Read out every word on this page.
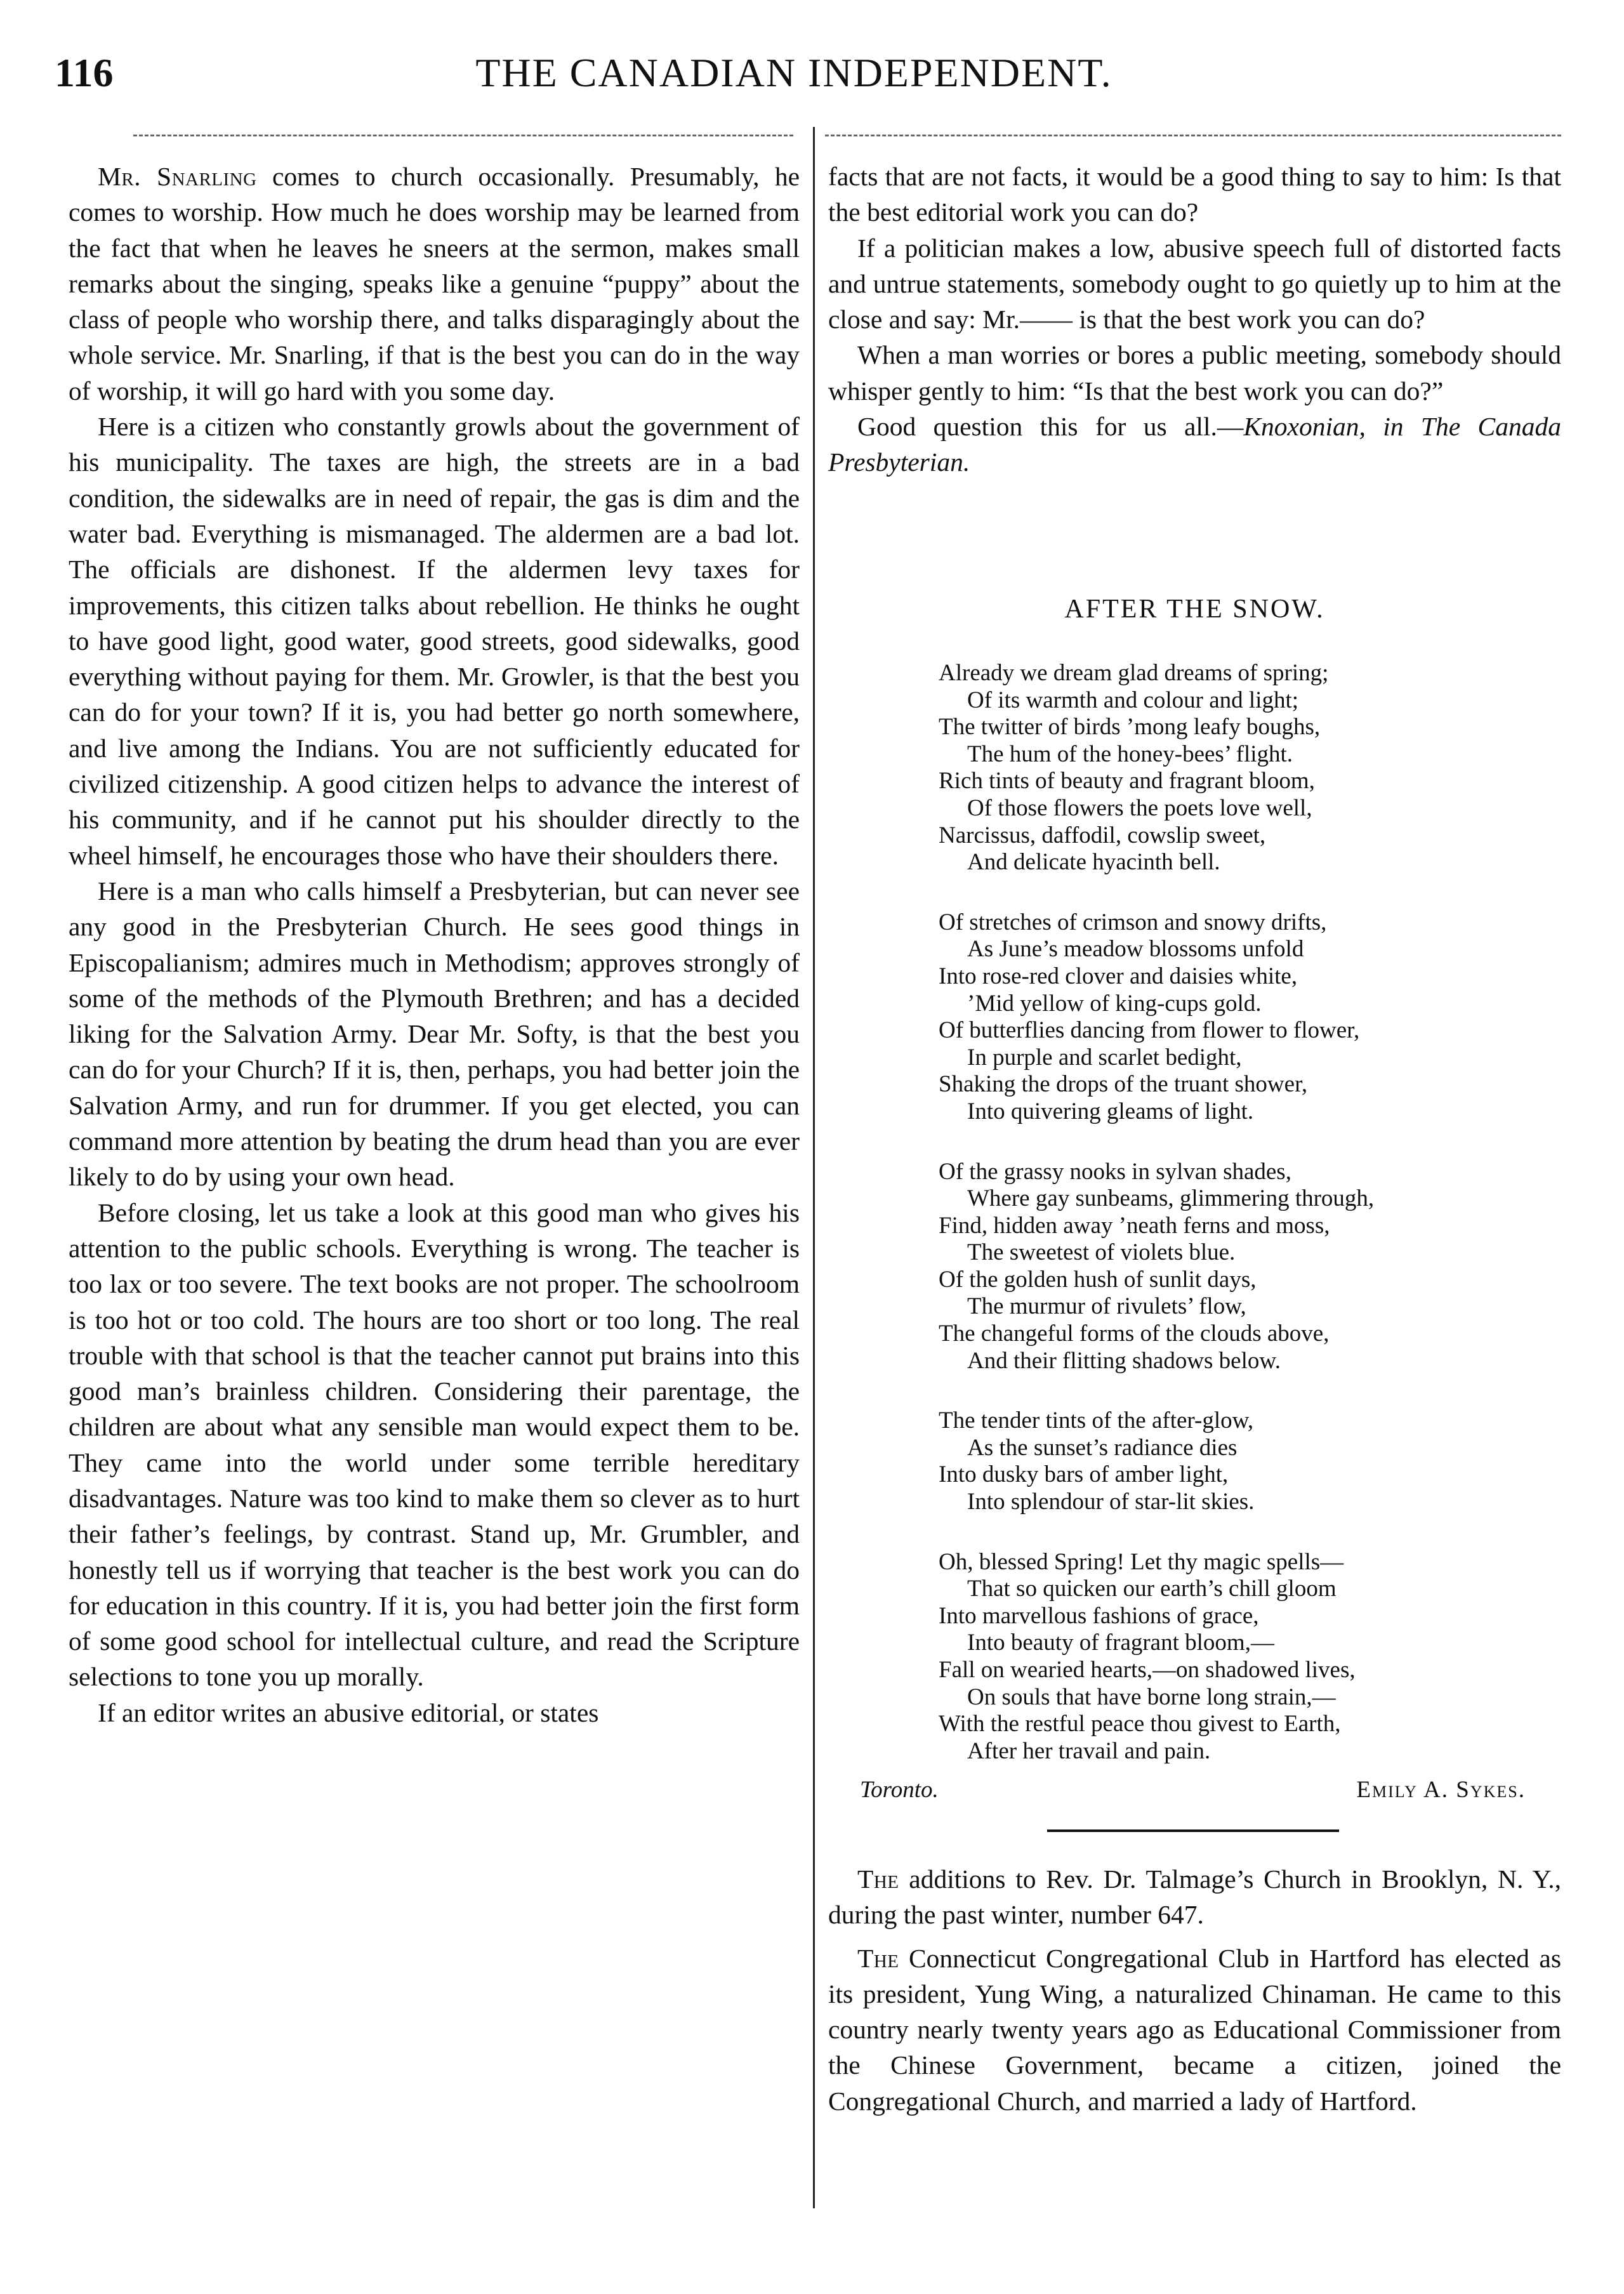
116	THE CANADIAN INDEPENDENT.

Mr. Snarling comes to church occasionally. Presumably, he comes to worship. How much he does worship may be learned from the fact that when he leaves he sneers at the sermon, makes small remarks about the singing, speaks like a genuine “puppy” about the class of people who worship there, and talks disparagingly about the whole service. Mr. Snarling, if that is the best you can do in the way of worship, it will go hard with you some day.

Here is a citizen who constantly growls about the government of his municipality. The taxes are high, the streets are in a bad condition, the sidewalks are in need of repair, the gas is dim and the water bad. Everything is mismanaged. The aldermen are a bad lot. The officials are dishonest. If the aldermen levy taxes for improvements, this citizen talks about rebellion. He thinks he ought to have good light, good water, good streets, good sidewalks, good everything without paying for them. Mr. Growler, is that the best you can do for your town? If it is, you had better go north somewhere, and live among the Indians. You are not sufficiently educated for civilized citizenship. A good citizen helps to advance the interest of his community, and if he cannot put his shoulder directly to the wheel himself, he encourages those who have their shoulders there.

Here is a man who calls himself a Presbyterian, but can never see any good in the Presbyterian Church. He sees good things in Episcopalianism; admires much in Methodism; approves strongly of some of the methods of the Plymouth Brethren; and has a decided liking for the Salvation Army. Dear Mr. Softy, is that the best you can do for your Church? If it is, then, perhaps, you had better join the Salvation Army, and run for drummer. If you get elected, you can command more attention by beating the drum head than you are ever likely to do by using your own head.

Before closing, let us take a look at this good man who gives his attention to the public schools. Everything is wrong. The teacher is too lax or too severe. The text books are not proper. The schoolroom is too hot or too cold. The hours are too short or too long. The real trouble with that school is that the teacher cannot put brains into this good man’s brainless children. Considering their parentage, the children are about what any sensible man would expect them to be. They came into the world under some terrible hereditary disadvantages. Nature was too kind to make them so clever as to hurt their father’s feelings, by contrast. Stand up, Mr. Grumbler, and honestly tell us if worrying that teacher is the best work you can do for education in this country. If it is, you had better join the first form of some good school for intellectual culture, and read the Scripture selections to tone you up morally.

If an editor writes an abusive editorial, or states

facts that are not facts, it would be a good thing to say to him: Is that the best editorial work you can do?

If a politician makes a low, abusive speech full of distorted facts and untrue statements, somebody ought to go quietly up to him at the close and say: Mr.—— is that the best work you can do?

When a man worries or bores a public meeting, somebody should whisper gently to him: “Is that the best work you can do?”

Good question this for us all.—Knoxonian, in The Canada Presbyterian.

AFTER THE SNOW.
Already we dream glad dreams of spring;
Of its warmth and colour and light;
The twitter of birds ’mong leafy boughs,
The hum of the honey-bees’ flight.
Rich tints of beauty and fragrant bloom,
Of those flowers the poets love well,
Narcissus, daffodil, cowslip sweet,
And delicate hyacinth bell.
Of stretches of crimson and snowy drifts,
As June’s meadow blossoms unfold
Into rose-red clover and daisies white,
’Mid yellow of king-cups gold.
Of butterflies dancing from flower to flower,
In purple and scarlet bedight,
Shaking the drops of the truant shower,
Into quivering gleams of light.
Of the grassy nooks in sylvan shades,
Where gay sunbeams, glimmering through,
Find, hidden away ’neath ferns and moss,
The sweetest of violets blue.
Of the golden hush of sunlit days,
The murmur of rivulets’ flow,
The changeful forms of the clouds above,
And their flitting shadows below.
The tender tints of the after-glow,
As the sunset’s radiance dies
Into dusky bars of amber light,
Into splendour of star-lit skies.
Oh, blessed Spring! Let thy magic spells—
That so quicken our earth’s chill gloom
Into marvellous fashions of grace,
Into beauty of fragrant bloom,—
Fall on wearied hearts,—on shadowed lives,
On souls that have borne long strain,—
With the restful peace thou givest to Earth,
After her travail and pain.
Toronto.	Emily A. Sykes.

The additions to Rev. Dr. Talmage’s Church in Brooklyn, N. Y., during the past winter, number 647.

The Connecticut Congregational Club in Hartford has elected as its president, Yung Wing, a naturalized Chinaman. He came to this country nearly twenty years ago as Educational Commissioner from the Chinese Government, became a citizen, joined the Congregational Church, and married a lady of Hartford.
